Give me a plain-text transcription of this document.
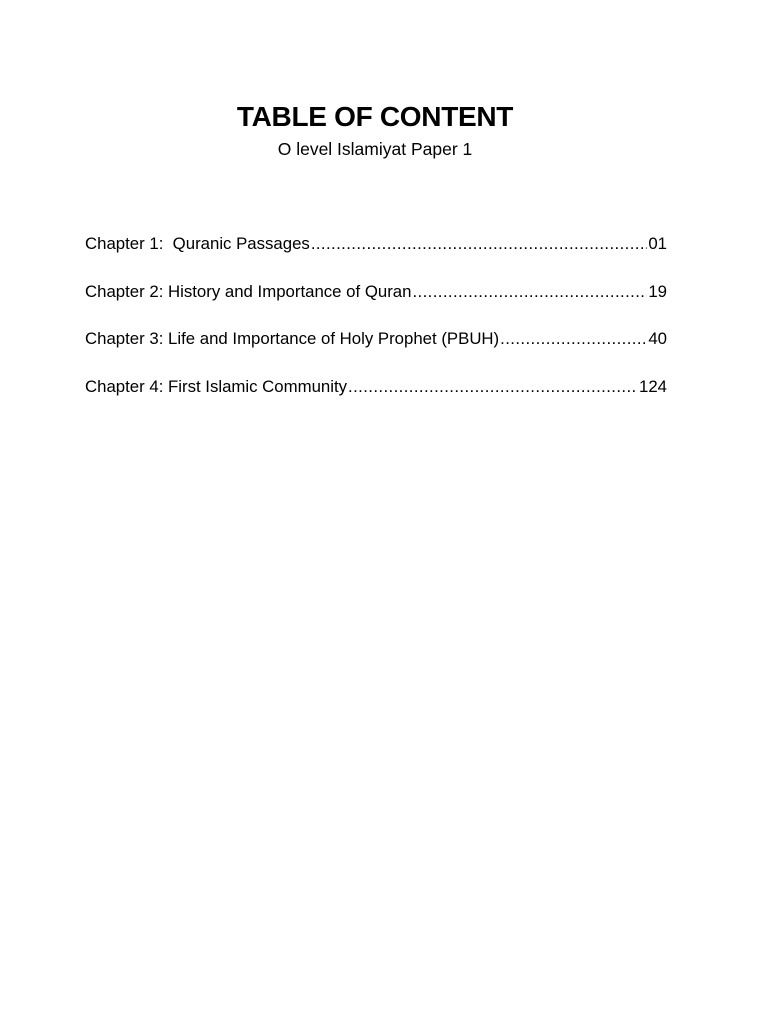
TABLE OF CONTENT
O level Islamiyat Paper 1
Chapter 1:  Quranic Passages .....	01
Chapter 2: History and Importance of Quran .....	19
Chapter 3: Life and Importance of Holy Prophet (PBUH) .....	40
Chapter 4: First Islamic Community .....	124
